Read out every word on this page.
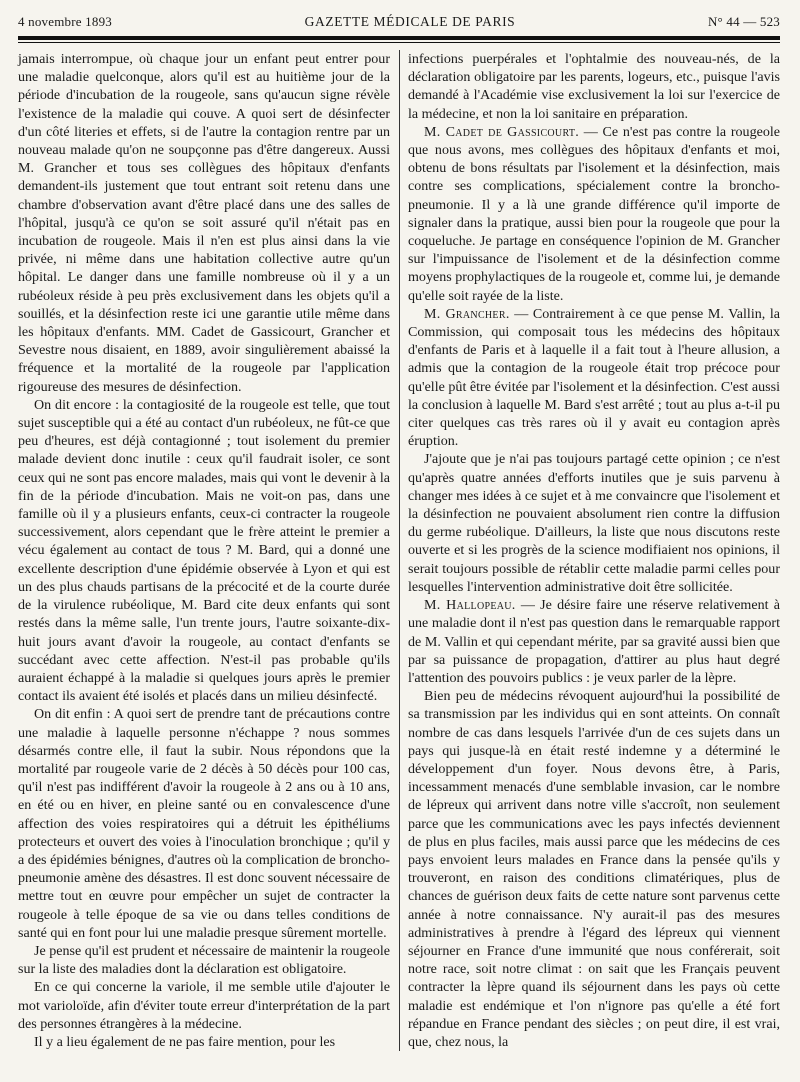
4 novembre 1893	GAZETTE MÉDICALE DE PARIS	N° 44 — 523

jamais interrompue, où chaque jour un enfant peut entrer pour une maladie quelconque, alors qu'il est au huitième jour de la période d'incubation de la rougeole, sans qu'aucun signe révèle l'existence de la maladie qui couve. A quoi sert de désinfecter d'un côté literies et effets, si de l'autre la contagion rentre par un nouveau malade qu'on ne soupçonne pas d'être dangereux. Aussi M. Grancher et tous ses collègues des hôpitaux d'enfants demandent-ils justement que tout entrant soit retenu dans une chambre d'observation avant d'être placé dans une des salles de l'hôpital, jusqu'à ce qu'on se soit assuré qu'il n'était pas en incubation de rougeole. Mais il n'en est plus ainsi dans la vie privée, ni même dans une habitation collective autre qu'un hôpital. Le danger dans une famille nombreuse où il y a un rubéoleux réside à peu près exclusivement dans les objets qu'il a souillés, et la désinfection reste ici une garantie utile même dans les hôpitaux d'enfants. MM. Cadet de Gassicourt, Grancher et Sevestre nous disaient, en 1889, avoir singulièrement abaissé la fréquence et la mortalité de la rougeole par l'application rigoureuse des mesures de désinfection.

On dit encore : la contagiosité de la rougeole est telle, que tout sujet susceptible qui a été au contact d'un rubéoleux, ne fût-ce que peu d'heures, est déjà contagionné ; tout isolement du premier malade devient donc inutile : ceux qu'il faudrait isoler, ce sont ceux qui ne sont pas encore malades, mais qui vont le devenir à la fin de la période d'incubation. Mais ne voit-on pas, dans une famille où il y a plusieurs enfants, ceux-ci contracter la rougeole successivement, alors cependant que le frère atteint le premier a vécu également au contact de tous ? M. Bard, qui a donné une excellente description d'une épidémie observée à Lyon et qui est un des plus chauds partisans de la précocité et de la courte durée de la virulence rubéolique, M. Bard cite deux enfants qui sont restés dans la même salle, l'un trente jours, l'autre soixante-dix-huit jours avant d'avoir la rougeole, au contact d'enfants se succédant avec cette affection. N'est-il pas probable qu'ils auraient échappé à la maladie si quelques jours après le premier contact ils avaient été isolés et placés dans un milieu désinfecté.

On dit enfin : A quoi sert de prendre tant de précautions contre une maladie à laquelle personne n'échappe ? nous sommes désarmés contre elle, il faut la subir. Nous répondons que la mortalité par rougeole varie de 2 décès à 50 décès pour 100 cas, qu'il n'est pas indifférent d'avoir la rougeole à 2 ans ou à 10 ans, en été ou en hiver, en pleine santé ou en convalescence d'une affection des voies respiratoires qui a détruit les épithéliums protecteurs et ouvert des voies à l'inoculation bronchique ; qu'il y a des épidémies bénignes, d'autres où la complication de broncho-pneumonie amène des désastres. Il est donc souvent nécessaire de mettre tout en œuvre pour empêcher un sujet de contracter la rougeole à telle époque de sa vie ou dans telles conditions de santé qui en font pour lui une maladie presque sûrement mortelle.

Je pense qu'il est prudent et nécessaire de maintenir la rougeole sur la liste des maladies dont la déclaration est obligatoire.

En ce qui concerne la variole, il me semble utile d'ajouter le mot varioloïde, afin d'éviter toute erreur d'interprétation de la part des personnes étrangères à la médecine.

Il y a lieu également de ne pas faire mention, pour les

infections puerpérales et l'ophtalmie des nouveau-nés, de la déclaration obligatoire par les parents, logeurs, etc., puisque l'avis demandé à l'Académie vise exclusivement la loi sur l'exercice de la médecine, et non la loi sanitaire en préparation.

M. Cadet de Gassicourt. — Ce n'est pas contre la rougeole que nous avons, mes collègues des hôpitaux d'enfants et moi, obtenu de bons résultats par l'isolement et la désinfection, mais contre ses complications, spécialement contre la broncho-pneumonie. Il y a là une grande différence qu'il importe de signaler dans la pratique, aussi bien pour la rougeole que pour la coqueluche. Je partage en conséquence l'opinion de M. Grancher sur l'impuissance de l'isolement et de la désinfection comme moyens prophylactiques de la rougeole et, comme lui, je demande qu'elle soit rayée de la liste.

M. Grancher. — Contrairement à ce que pense M. Vallin, la Commission, qui composait tous les médecins des hôpitaux d'enfants de Paris et à laquelle il a fait tout à l'heure allusion, a admis que la contagion de la rougeole était trop précoce pour qu'elle pût être évitée par l'isolement et la désinfection. C'est aussi la conclusion à laquelle M. Bard s'est arrêté ; tout au plus a-t-il pu citer quelques cas très rares où il y avait eu contagion après éruption.

J'ajoute que je n'ai pas toujours partagé cette opinion ; ce n'est qu'après quatre années d'efforts inutiles que je suis parvenu à changer mes idées à ce sujet et à me convaincre que l'isolement et la désinfection ne pouvaient absolument rien contre la diffusion du germe rubéolique. D'ailleurs, la liste que nous discutons reste ouverte et si les progrès de la science modifiaient nos opinions, il serait toujours possible de rétablir cette maladie parmi celles pour lesquelles l'intervention administrative doit être sollicitée.

M. Hallopeau. — Je désire faire une réserve relativement à une maladie dont il n'est pas question dans le remarquable rapport de M. Vallin et qui cependant mérite, par sa gravité aussi bien que par sa puissance de propagation, d'attirer au plus haut degré l'attention des pouvoirs publics : je veux parler de la lèpre.

Bien peu de médecins révoquent aujourd'hui la possibilité de sa transmission par les individus qui en sont atteints. On connaît nombre de cas dans lesquels l'arrivée d'un de ces sujets dans un pays qui jusque-là en était resté indemne y a déterminé le développement d'un foyer. Nous devons être, à Paris, incessamment menacés d'une semblable invasion, car le nombre de lépreux qui arrivent dans notre ville s'accroît, non seulement parce que les communications avec les pays infectés deviennent de plus en plus faciles, mais aussi parce que les médecins de ces pays envoient leurs malades en France dans la pensée qu'ils y trouveront, en raison des conditions climatériques, plus de chances de guérison deux faits de cette nature sont parvenus cette année à notre connaissance. N'y aurait-il pas des mesures administratives à prendre à l'égard des lépreux qui viennent séjourner en France d'une immunité que nous conférerait, soit notre race, soit notre climat : on sait que les Français peuvent contracter la lèpre quand ils séjournent dans les pays où cette maladie est endémique et l'on n'ignore pas qu'elle a été fort répandue en France pendant des siècles ; on peut dire, il est vrai, que, chez nous, la
